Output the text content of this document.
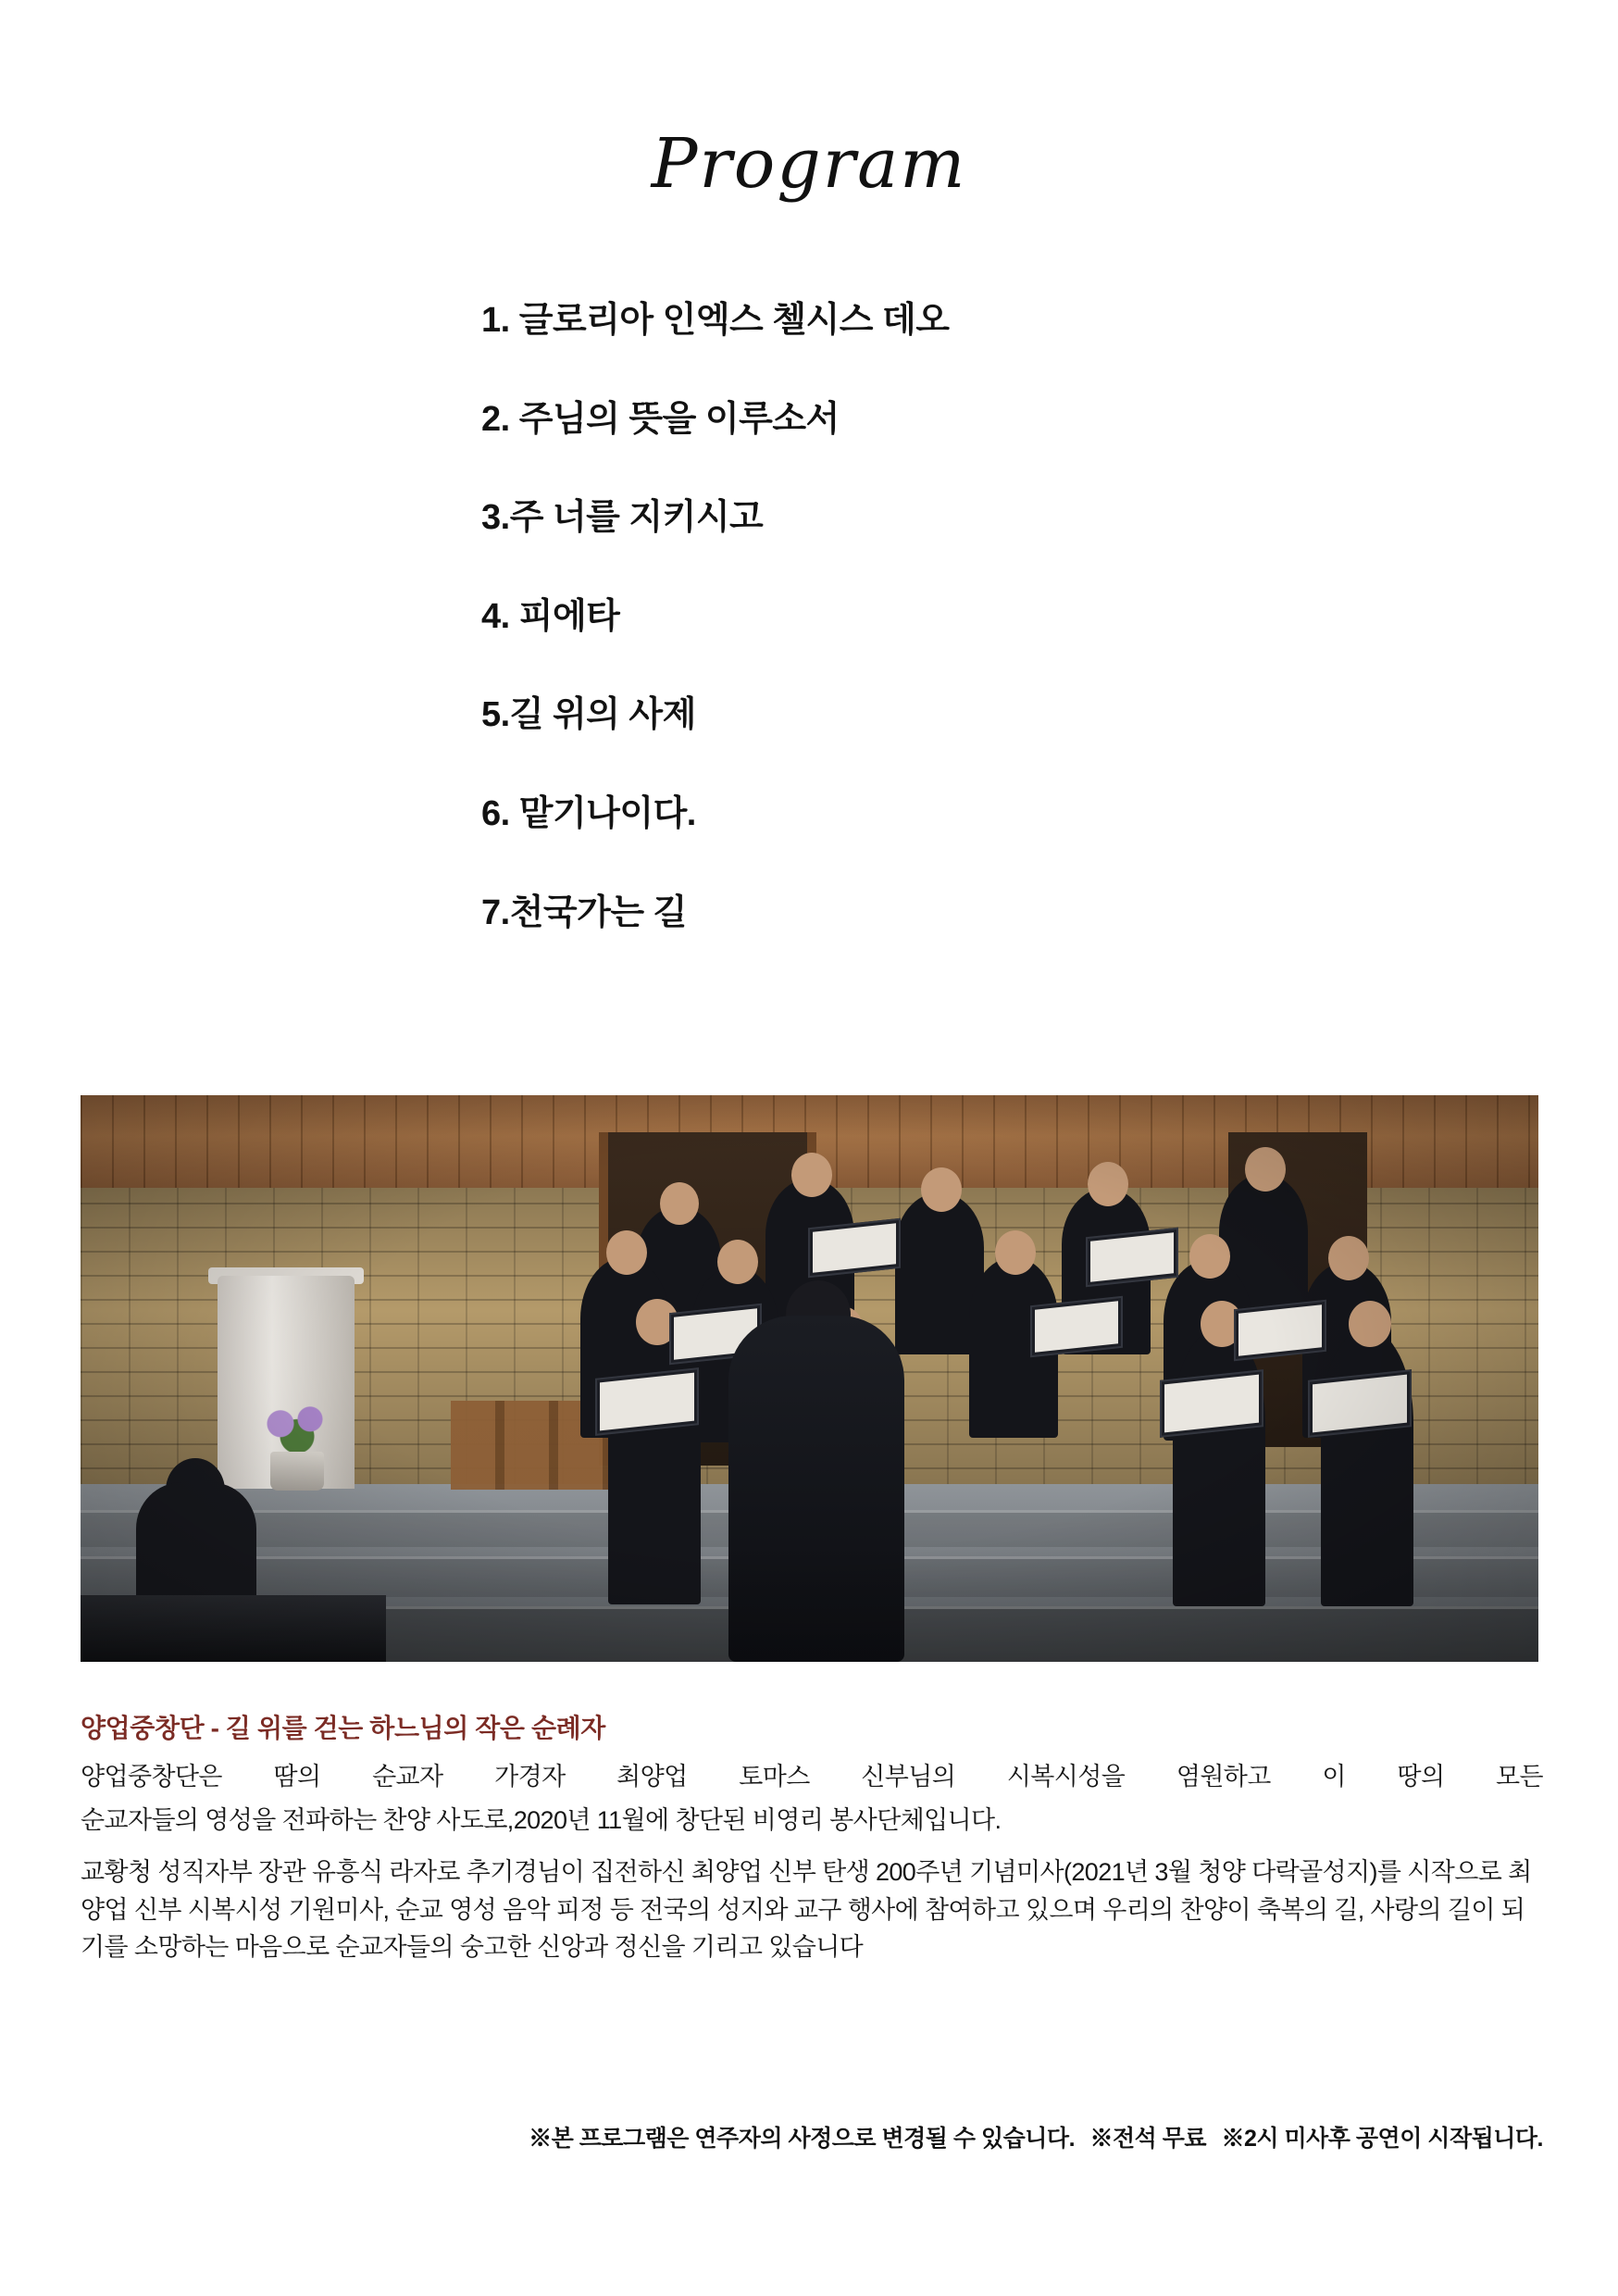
Program
1. 글로리아 인엑스 첼시스 데오
2. 주님의 뜻을 이루소서
3.주 너를 지키시고
4. 피에타
5.길 위의 사제
6. 맡기나이다.
7.천국가는 길
양업중창단 - 길 위를 걷는 하느님의 작은 순례자

양업중창단은 땀의 순교자 가경자 최양업 토마스 신부님의 시복시성을 염원하고 이 땅의 모든

순교자들의 영성을 전파하는 찬양 사도로,2020년 11월에 창단된 비영리 봉사단체입니다.

교황청 성직자부 장관 유흥식 라자로 추기경님이 집전하신 최양업 신부 탄생 200주년 기념미사(2021년 3월 청양 다락골성지)를 시작으로 최양업 신부 시복시성 기원미사, 순교 영성 음악 피정 등 전국의 성지와 교구 행사에 참여하고 있으며 우리의 찬양이 축복의 길, 사랑의 길이 되기를 소망하는 마음으로 순교자들의 숭고한 신앙과 정신을 기리고 있습니다

※본 프로그램은 연주자의 사정으로 변경될 수 있습니다. ※전석 무료 ※2시 미사후 공연이 시작됩니다.
